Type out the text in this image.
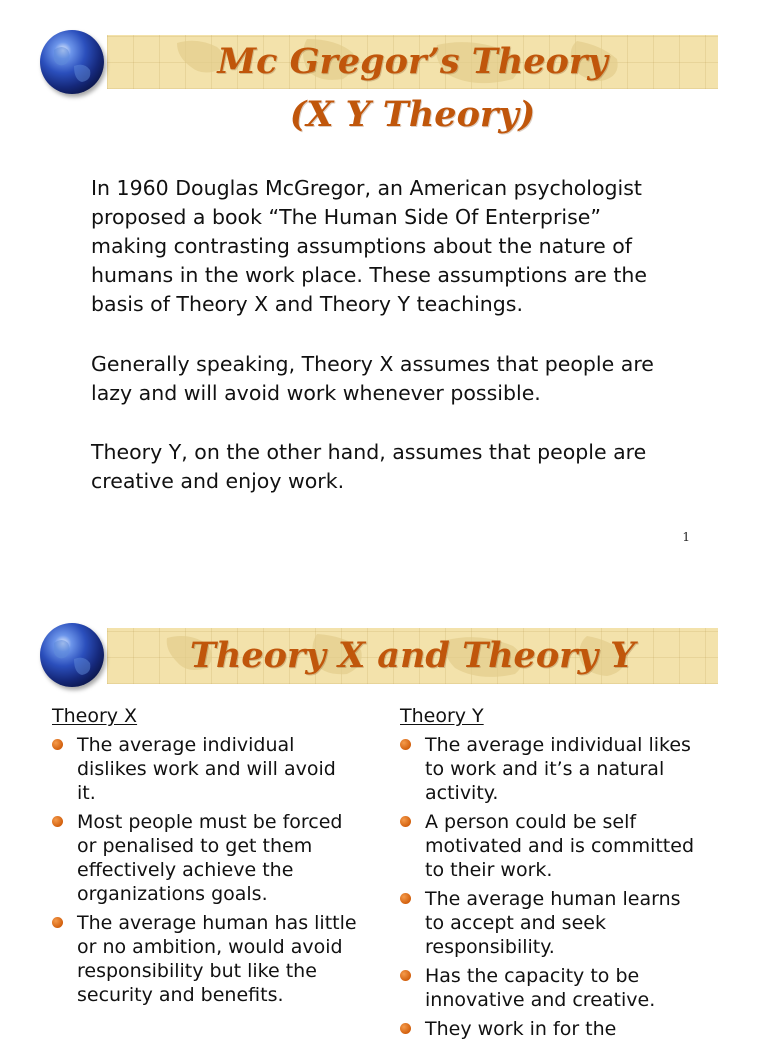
Mc Gregor’s Theory
(X Y Theory)

In 1960 Douglas McGregor, an American psychologist
proposed a book “The Human Side Of Enterprise”
making contrasting assumptions about the nature of
humans in the work place. These assumptions are the
basis of Theory X and Theory Y teachings.

Generally speaking, Theory X assumes that people are
lazy and will avoid work whenever possible.

Theory Y, on the other hand, assumes that people are
creative and enjoy work.

1
Theory X and Theory Y
Theory X
The average individual
dislikes work and will avoid
it.
Most people must be forced
or penalised to get them
effectively achieve the
organizations goals.
The average human has little
or no ambition, would avoid
responsibility but like the
security and benefits.
Theory Y
The average individual likes
to work and it’s a natural
activity.
A person could be self
motivated and is committed
to their work.
The average human learns
to accept and seek
responsibility.
Has the capacity to be
innovative and creative.
They work in for the
